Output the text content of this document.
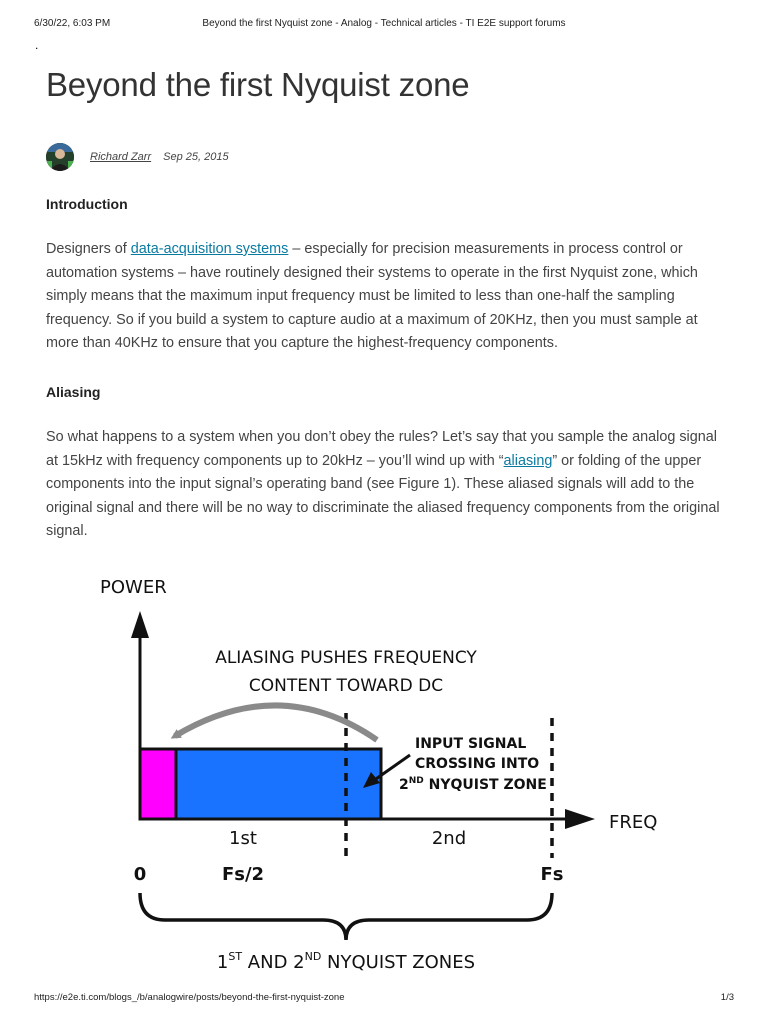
6/30/22, 6:03 PM	Beyond the first Nyquist zone - Analog - Technical articles - TI E2E support forums
.
Beyond the first Nyquist zone
Richard Zarr Sep 25, 2015
Introduction

Designers of data-acquisition systems – especially for precision measurements in process control or automation systems – have routinely designed their systems to operate in the first Nyquist zone, which simply means that the maximum input frequency must be limited to less than one-half the sampling frequency. So if you build a system to capture audio at a maximum of 20KHz, then you must sample at more than 40KHz to ensure that you capture the highest-frequency components.

Aliasing

So what happens to a system when you don’t obey the rules? Let’s say that you sample the analog signal at 15kHz with frequency components up to 20kHz – you’ll wind up with “aliasing” or folding of the upper components into the input signal’s operating band (see Figure 1). These aliased signals will add to the original signal and there will be no way to discriminate the aliased frequency components from the original signal.

POWER
FREQ
ALIASING PUSHES FREQUENCY
CONTENT TOWARD DC
INPUT SIGNAL
CROSSING INTO
2ND NYQUIST ZONE
1st	2nd
0	Fs/2	Fs
1ST AND 2ND NYQUIST ZONES
https://e2e.ti.com/blogs_/b/analogwire/posts/beyond-the-first-nyquist-zone	1/3
